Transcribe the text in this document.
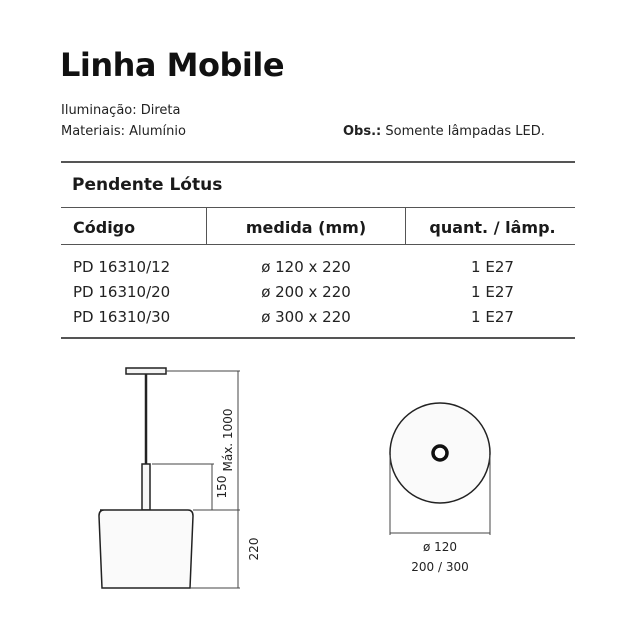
Linha Mobile
Iluminação: Direta
Materiais: Alumínio	Obs.: Somente lâmpadas LED.
Pendente Lótus
Código	medida (mm)	quant. / lâmp.
PD 16310/12	ø 120 x 220	1 E27
PD 16310/20	ø 200 x 220	1 E27
PD 16310/30	ø 300 x 220	1 E27
Máx. 1000
150
220	ø 120
200 / 300
